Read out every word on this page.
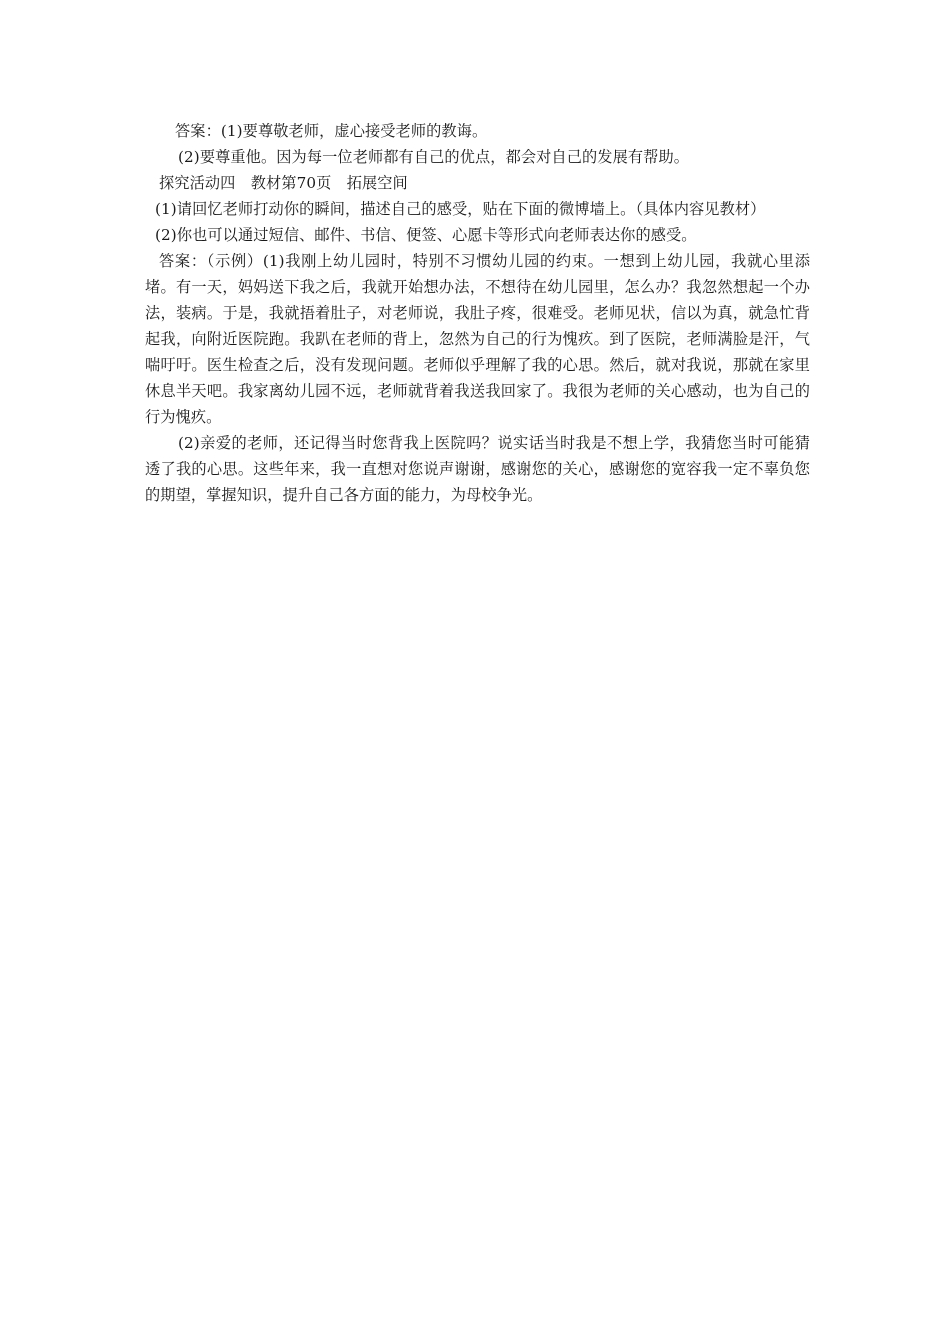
答案：(1)要尊敬老师，虚心接受老师的教诲。

(2)要尊重他。因为每一位老师都有自己的优点，都会对自己的发展有帮助。

探究活动四　教材第70页　拓展空间

(1)请回忆老师打动你的瞬间，描述自己的感受，贴在下面的微博墙上。（具体内容见教材）

(2)你也可以通过短信、邮件、书信、便签、心愿卡等形式向老师表达你的感受。

答案：（示例）(1)我刚上幼儿园时，特别不习惯幼儿园的约束。一想到上幼儿园，我就心里添堵。有一天，妈妈送下我之后，我就开始想办法，不想待在幼儿园里，怎么办？我忽然想起一个办法，装病。于是，我就捂着肚子，对老师说，我肚子疼，很难受。老师见状，信以为真，就急忙背起我，向附近医院跑。我趴在老师的背上，忽然为自己的行为愧疚。到了医院，老师满脸是汗，气喘吁吁。医生检查之后，没有发现问题。老师似乎理解了我的心思。然后，就对我说，那就在家里休息半天吧。我家离幼儿园不远，老师就背着我送我回家了。我很为老师的关心感动，也为自己的行为愧疚。

(2)亲爱的老师，还记得当时您背我上医院吗？说实话当时我是不想上学，我猜您当时可能猜透了我的心思。这些年来，我一直想对您说声谢谢，感谢您的关心，感谢您的宽容我一定不辜负您的期望，掌握知识，提升自己各方面的能力，为母校争光。
